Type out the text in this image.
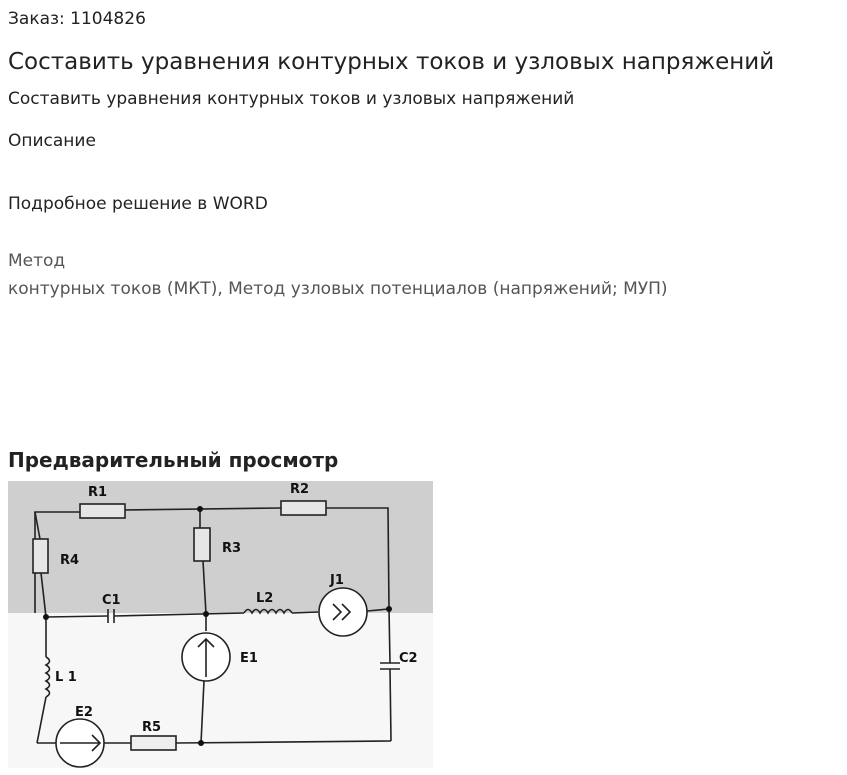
Заказ: 1104826
Составить уравнения контурных токов и узловых напряжений
Составить уравнения контурных токов и узловых напряжений
Описание
Подробное решение в WORD
Метод
контурных токов (МКТ), Метод узловых потенциалов (напряжений; МУП)
Предварительный просмотр
R1	R2
R3
R4
R5
C1
C2
L 1
L2
J1
E1
E2
